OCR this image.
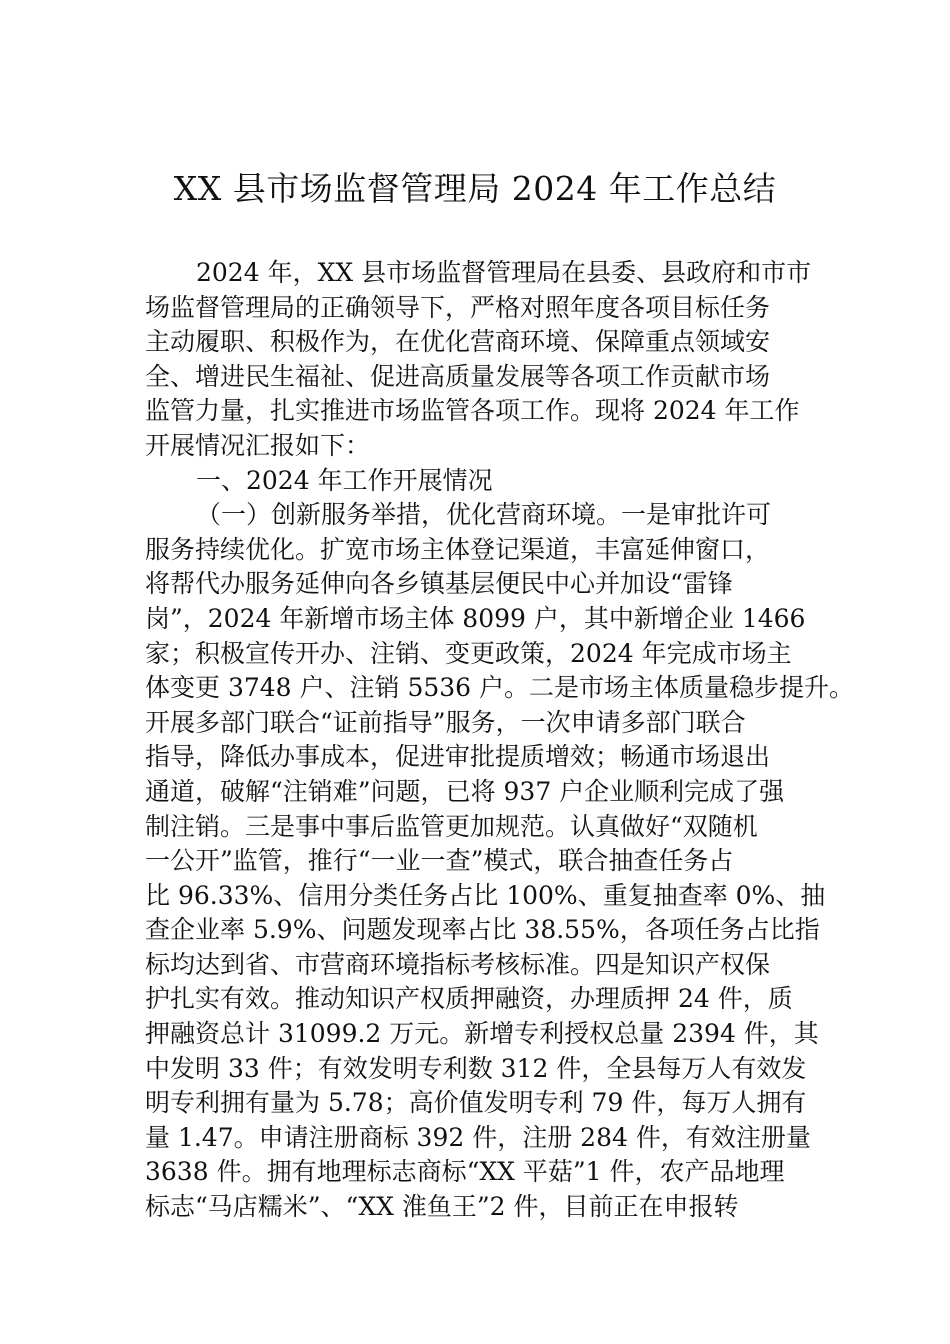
XX 县市场监督管理局 2024 年工作总结
2024 年，XX 县市场监督管理局在县委、县政府和市市
场监督管理局的正确领导下，严格对照年度各项目标任务
主动履职、积极作为，在优化营商环境、保障重点领域安
全、增进民生福祉、促进高质量发展等各项工作贡献市场
监管力量，扎实推进市场监管各项工作。现将 2024 年工作
开展情况汇报如下：
一、2024 年工作开展情况
（一）创新服务举措，优化营商环境。一是审批许可
服务持续优化。扩宽市场主体登记渠道，丰富延伸窗口，
将帮代办服务延伸向各乡镇基层便民中心并加设“雷锋
岗”，2024 年新增市场主体 8099 户，其中新增企业 1466
家；积极宣传开办、注销、变更政策，2024 年完成市场主
体变更 3748 户、注销 5536 户。二是市场主体质量稳步提升。
开展多部门联合“证前指导”服务，一次申请多部门联合
指导，降低办事成本，促进审批提质增效；畅通市场退出
通道，破解“注销难”问题，已将 937 户企业顺利完成了强
制注销。三是事中事后监管更加规范。认真做好“双随机
一公开”监管，推行“一业一查”模式，联合抽查任务占
比 96.33%、信用分类任务占比 100%、重复抽查率 0%、抽
查企业率 5.9%、问题发现率占比 38.55%，各项任务占比指
标均达到省、市营商环境指标考核标准。四是知识产权保
护扎实有效。推动知识产权质押融资，办理质押 24 件，质
押融资总计 31099.2 万元。新增专利授权总量 2394 件，其
中发明 33 件；有效发明专利数 312 件，全县每万人有效发
明专利拥有量为 5.78；高价值发明专利 79 件，每万人拥有
量 1.47。申请注册商标 392 件，注册 284 件，有效注册量
3638 件。拥有地理标志商标“XX 平菇”1 件，农产品地理
标志“马店糯米”、“XX 淮鱼王”2 件，目前正在申报转
